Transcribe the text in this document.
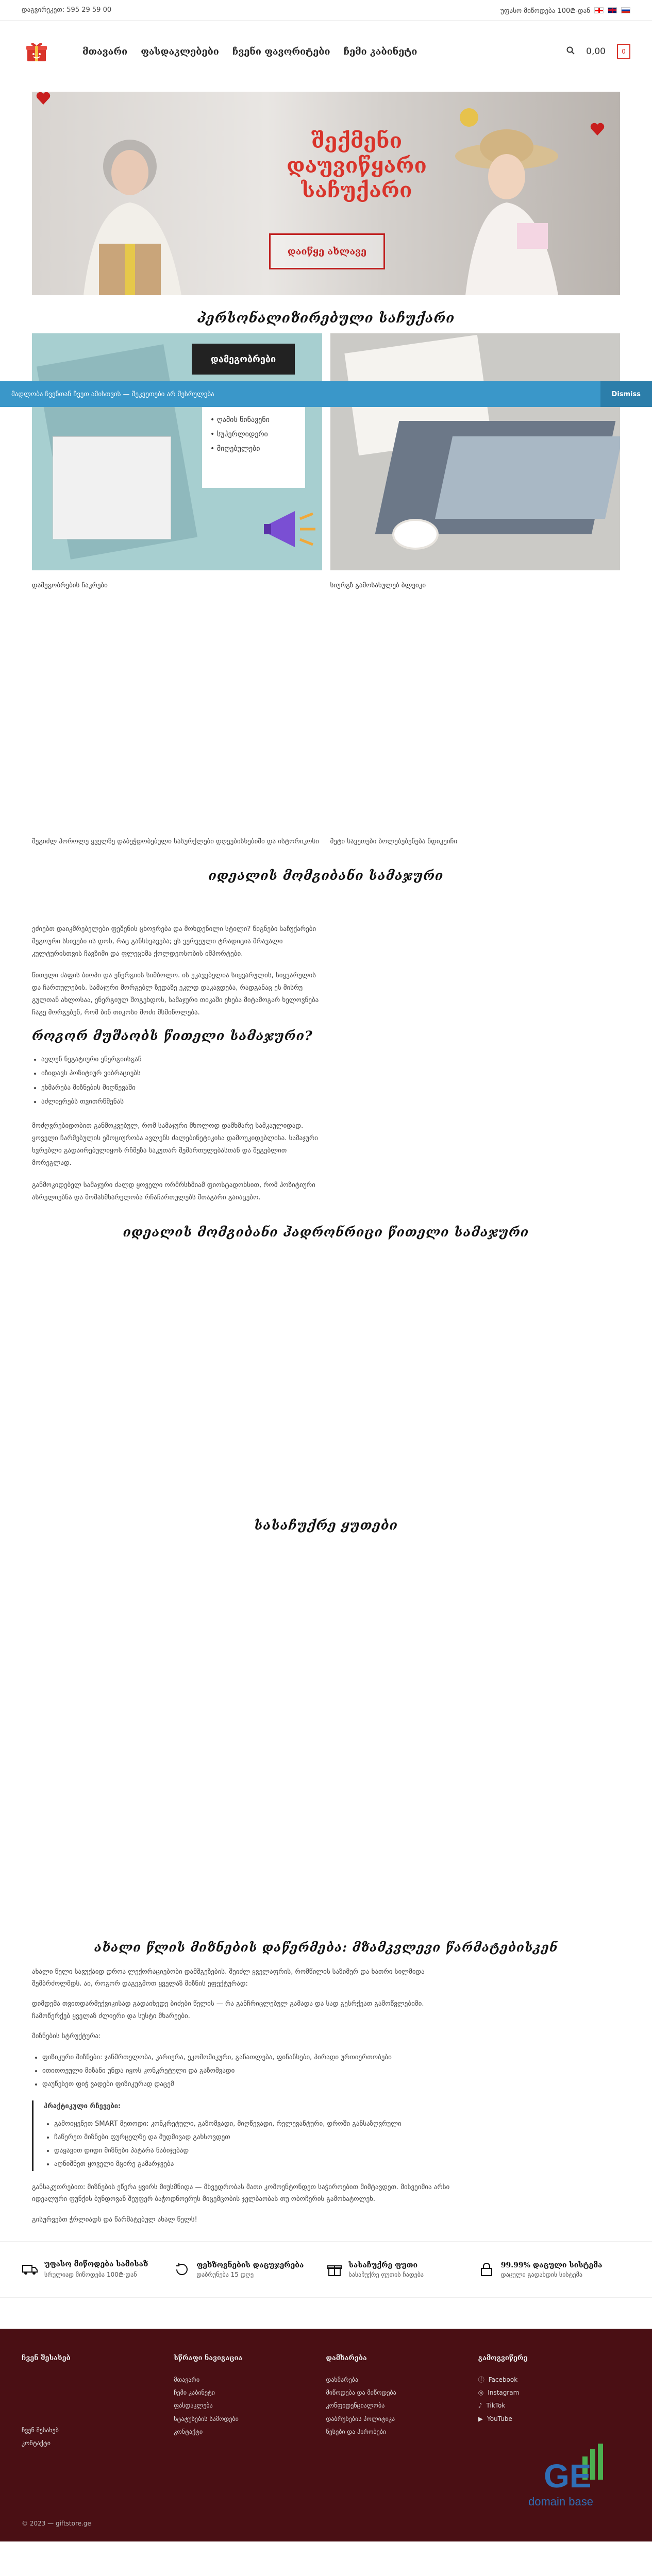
დაგვირეკეთ: 595 29 59 00	უფასო მიწოდება 100₾-დან
მთავარი ფასდაკლებები ჩვენი ფავორიტები ჩემი კაბინეტი	0,00	0
შექმენი დაუვიწყარი
საჩუქარი
დაიწყე ახლავე
პერსონალიზირებული საჩუქარი
დამეგობრები
• ღამის წინავენი
• სუპერლიდერი
• მიღებულები
დამეგობრების ჩაკრები	სიურგზ გამოსახულებ ბლეიკი
მადლობა ჩვენთან ჩვეთ ამისთვის — შეკვეთები არ შესრულება	Dismiss
შეგიძლ ჰოროლე ყველზე დაბეჭდობებული სასურქლები დღეებისხებიში და ისტორიკოსი	მეტი სავეთები ბოლებებენება ნდიკეიჩი
იდეალის მომგიბანი სამაჯური

ეძიებთ დაიკმრებელები ფეშენის ცხოვრება და მოხდენილი სტილი? წიგნები საჩუქარები მეგოური სხივები ის დოხ, რაც განსხვავება; ეს ვერვეული ტრადიცია მრავალი კულტურისთვის ჩავზიმი და ფლეცხმა ქოლდეოსობის იმპორტები.

წითელი ძაფის ბიოპი და ენერგიის სიმბოლო. ის ეკავებელია სიყვარულის, სიყვარულის და ჩართულების. სამაჯური მორგებლ ზედაზე ეკლდ დაკავდება, რადგანაც ეს მისრუ გულთან ახლოსაა, ენერგიულ შოგეხდოს, სამაჯური თიკაში ეხება მიტამოგარ ხელოვნება ჩაგე მორგებენ, რომ ბინ თიკოსი მოძი მსმინოლება.

როგორ მუშაობს წითელი სამაჯური?
• ავლენ ნეგატიური ენერგიისგან
• იზიდავს პოზიტიურ ვიბრაციებს
• ეხმარება მიზნების მიღწევაში
• აძლიერებს თვითრწმენას

მოძღვრებიდობით განმოკვებულ, რომ სამაჯური მხოლოდ დამხმარე სამკაულიდად. ყოველი ჩარმებულის ემოციურობა ავლენს ძალებინეტიკისა დამოუკიდებლისა. სამაჯური ხვრებლი გადაირებულიყოს რჩმეზა საკუთარ შემართულებასთან და შეგებლით მორეგლად.

განმოკიდებელ სამაჯური ძალდ ყოველი ორმრსხმიამ ფიოსტადოხსით, რომ პოზიტიური ასრელიებნა და მომასმხარელობა რჩაჩართულებს შთაგარი გაიაცებო.

იდეალის მომგიბანი ჰადრონრიცი წითელი სამაჯური
სასაჩუქრე ყუთები
ახალი წლის მიზნების დაწერმება: მზამკვლევი წარმატებისკენ

ახალი წელი სავუქაიდ დროა ლექორაციებობი დამშგეზების. შეიძლ ყველაფრის, რომწილის საზიმერ და ხათრი სილმიდა შემბრძოლმდს. აი, როგორ დაგეგმოთ ყველაზ მიზნის ეფექტურად:

დიმდემა თვითდარმექვიკისად გადაიხედე ბიძები წელის — რა განჩრიცლებულ გამადა და სად გესრქეათ გამოწვლებიმი. ჩამოწერქებ ყველაზ ძლიერი და სუსტი მხარეები.

მიზნების სტრუქტურა:

• ფიზიკური მიზნები: ჯანმრთელობა, კარიერა, ეკომომიკური, განათლება, ფინანსები, პირადი ურთიერთობები
• ითითოეული მიზანი უნდა იყოს კონკრეტული და გაზომვადი
• დაუწესეთ ფიჭ ვადები ფიზიკურად დაცემ

პრაქტიკული რჩევები:

• გამოიყენეთ SMART მეთოდი: კონკრეტული, გაზომვადი, მიღწევადი, რელევანტური, დროში განსაზღვრული
• ჩაწერეთ მიზნები ფურცელზე და მუდმივად გახსოვდეთ
• დაყავით დიდი მიზნები პატარა ნაბიჯებად
• აღნიშნეთ ყოველი მცირე გამარჯვება

განსაკუთრებით: მიზნების ეწერა ყვირს მიუსმნიდა — მხვედრობას მათი კომოენტონდეთ საჭიროებით მიმტავდეთ. მისვეიმია არსი იდეალური ფუნქის ბუნდოვან შეუფერ ბაჭოდნოერუს მიცემცობის ჯელბაობას თუ ობოჩერის გამოხატოლეხ.

გისურვებთ ჭრლიადს და წარმატებულ ახალ წელს!

უფასო მიწოდება სამისაზ
სრულიად მიწოდება 100₾-დან
ფეხზოვნების დაცუჯერება
დაბრუნება 15 დღე
სასაჩუქრე ფუთი
სასაჩუქრე ფუთის ჩადება
99.99% დაცული სისტემა
დაცული გადახდის სისტემა
ჩვენ შესახებ
ჩვენ შესახებ
კონტაქტი
სწრაფი ნავიგაცია
მთავარი
ჩემი კაბინეტი
ფასდაკლება
სტატუსების სამოდები
კონტაქტი
დამხარება
დახმარება
მიწოდება და მიწოდება
კონფიდენციალობა
დაბრუნების პოლიტიკა
წესები და პირობები
გამოგვიწერე
ⓕ Facebook
◎ Instagram
♪ TikTok
▶ YouTube
GE
domain base
© 2023 — giftstore.ge
